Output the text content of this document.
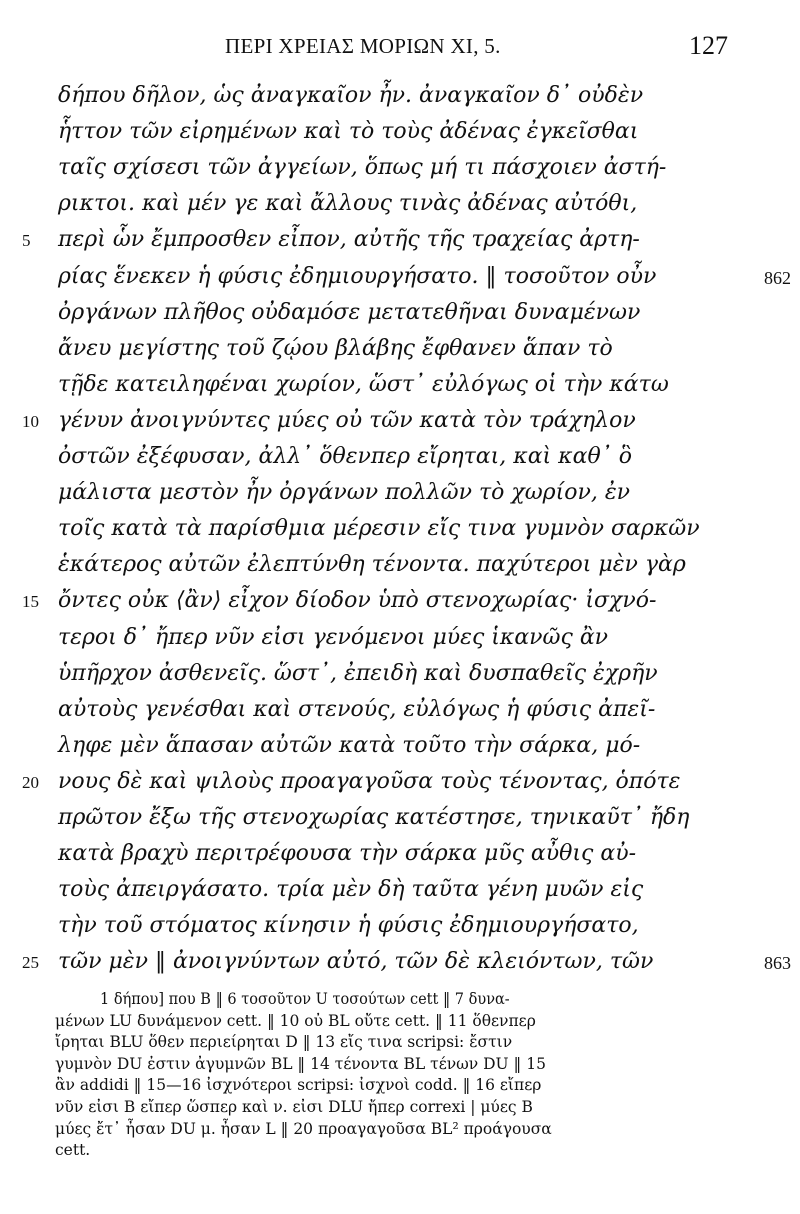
ΠΕΡΙ ΧΡΕΙΑΣ ΜΟΡΙΩΝ XI, 5.	127
δήπου δῆλον, ὡς ἀναγκαῖον ἦν. ἀναγκαῖον δ᾽ οὐδὲν
ἧττον τῶν εἰρημένων καὶ τὸ τοὺς ἀδένας ἐγκεῖσθαι
ταῖς σχίσεσι τῶν ἀγγείων, ὅπως μή τι πάσχοιεν ἀστή-
ρικτοι. καὶ μέν γε καὶ ἄλλους τινὰς ἀδένας αὐτόθι,
5 περὶ ὧν ἔμπροσθεν εἶπον, αὐτῆς τῆς τραχείας ἀρτη-
ρίας ἕνεκεν ἡ φύσις ἐδημιουργήσατο. ‖ τοσοῦτον οὖν	862
ὀργάνων πλῆθος οὐδαμόσε μετατεθῆναι δυναμένων
ἄνευ μεγίστης τοῦ ζῴου βλάβης ἔφθανεν ἅπαν τὸ
τῇδε κατειληφέναι χωρίον, ὥστ᾽ εὐλόγως οἱ τὴν κάτω
10 γένυν ἀνοιγνύντες μύες οὐ τῶν κατὰ τὸν τράχηλον
ὀστῶν ἐξέφυσαν, ἀλλ᾽ ὅθενπερ εἴρηται, καὶ καθ᾽ ὃ
μάλιστα μεστὸν ἦν ὀργάνων πολλῶν τὸ χωρίον, ἐν
τοῖς κατὰ τὰ παρίσθμια μέρεσιν εἴς τινα γυμνὸν σαρκῶν
ἑκάτερος αὐτῶν ἐλεπτύνθη τένοντα. παχύτεροι μὲν γὰρ
15 ὄντες οὐκ ⟨ἂν⟩ εἶχον δίοδον ὑπὸ στενοχωρίας· ἰσχνό-
τεροι δ᾽ ἤπερ νῦν εἰσι γενόμενοι μύες ἱκανῶς ἂν
ὑπῆρχον ἀσθενεῖς. ὥστ᾽, ἐπειδὴ καὶ δυσπαθεῖς ἐχρῆν
αὐτοὺς γενέσθαι καὶ στενούς, εὐλόγως ἡ φύσις ἀπεῖ-
ληφε μὲν ἅπασαν αὐτῶν κατὰ τοῦτο τὴν σάρκα, μό-
20 νους δὲ καὶ ψιλοὺς προαγαγοῦσα τοὺς τένοντας, ὁπότε
πρῶτον ἔξω τῆς στενοχωρίας κατέστησε, τηνικαῦτ᾽ ἤδη
κατὰ βραχὺ περιτρέφουσα τὴν σάρκα μῦς αὖθις αὐ-
τοὺς ἀπειργάσατο. τρία μὲν δὴ ταῦτα γένη μυῶν εἰς
τὴν τοῦ στόματος κίνησιν ἡ φύσις ἐδημιουργήσατο,
25 τῶν μὲν ‖ ἀνοιγνύντων αὐτό, τῶν δὲ κλειόντων, τῶν	863
1 δήπου] που B ‖ 6 τοσοῦτον U τοσούτων cett ‖ 7 δυνα-
μένων LU δυνάμενον cett. ‖ 10 οὐ BL οὔτε cett. ‖ 11 ὅθενπερ
ἴρηται BLU ὅθεν περιείρηται D ‖ 13 εἴς τινα scripsi: ἔστιν
γυμνὸν DU ἐστιν ἀγυμνῶν BL ‖ 14 τένοντα BL τένων DU ‖ 15
ἂν addidi ‖ 15—16 ἰσχνότεροι scripsi: ἰσχνοὶ codd. ‖ 16 εἴπερ
νῦν εἰσι B εἴπερ ὥσπερ καὶ ν. εἰσι DLU ἤπερ correxi | μύες B
μύες ἔτ᾽ ἦσαν DU μ. ἦσαν L ‖ 20 προαγαγοῦσα BL² προάγουσα
cett.
